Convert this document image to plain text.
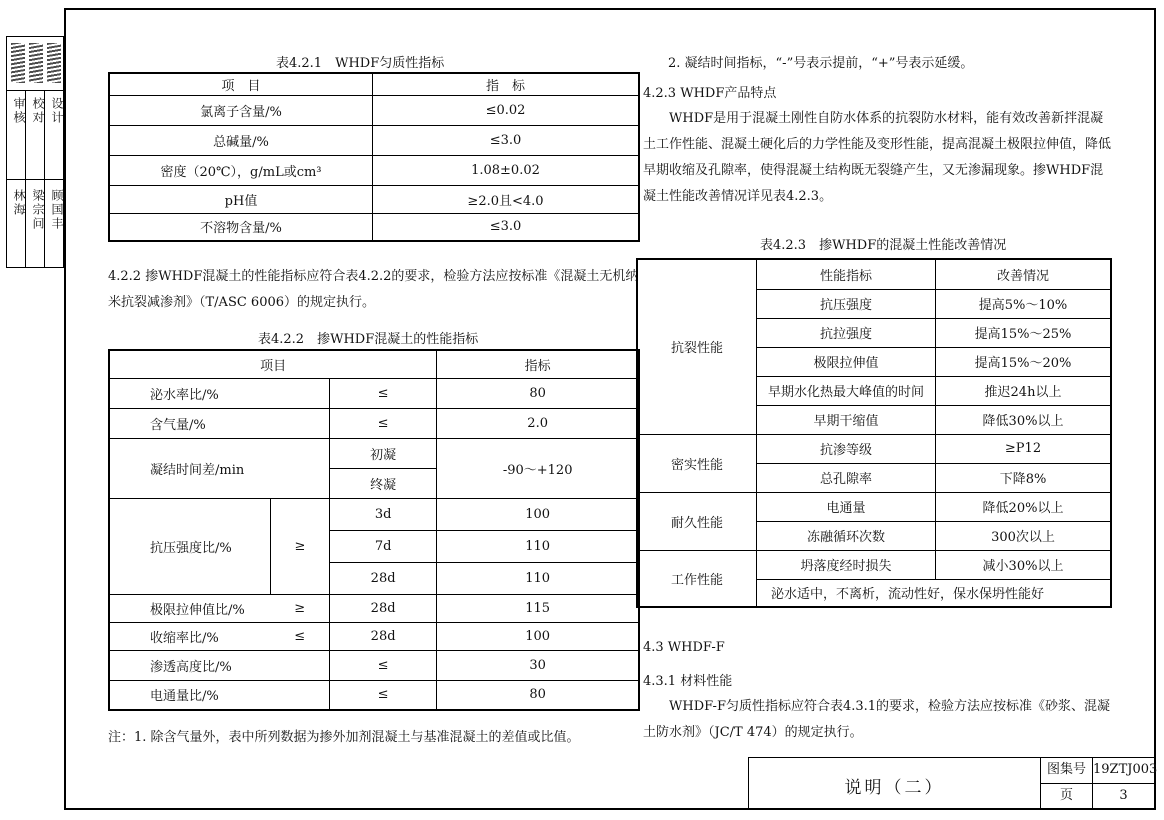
审核
林海
校对
梁宗问
设计
顾国丰
表4.2.1　WHDF匀质性指标
项　目	指　标
氯离子含量/%	≤0.02
总碱量/%	≤3.0
密度（20℃），g/mL或cm³	1.08±0.02
pH值	≥2.0且<4.0
不溶物含量/%	≤3.0
4.2.2 掺WHDF混凝土的性能指标应符合表4.2.2的要求，检验方法应按标准《混凝土无机纳米抗裂减渗剂》（T/ASC 6006）的规定执行。
表4.2.2　掺WHDF混凝土的性能指标
项目			指标
泌水率比/%		≤	80
含气量/%		≤	2.0
凝结时间差/min		初凝	-90～+120
		终凝	
抗压强度比/%	≥	3d	100
		7d	110
		28d	110
极限拉伸值比/%	≥	28d	115
收缩率比/%	≤	28d	100
渗透高度比/%		≤	30
电通量比/%		≤	80
注：1. 除含气量外，表中所列数据为掺外加剂混凝土与基准混凝土的差值或比值。
2. 凝结时间指标，“-”号表示提前，“+”号表示延缓。
4.2.3 WHDF产品特点
WHDF是用于混凝土刚性自防水体系的抗裂防水材料，能有效改善新拌混凝土工作性能、混凝土硬化后的力学性能及变形性能，提高混凝土极限拉伸值，降低早期收缩及孔隙率，使得混凝土结构既无裂缝产生，又无渗漏现象。掺WHDF混凝土性能改善情况详见表4.2.3。
表4.2.3　掺WHDF的混凝土性能改善情况
抗裂性能	性能指标	改善情况
	抗压强度	提高5%～10%
	抗拉强度	提高15%～25%
	极限拉伸值	提高15%～20%
	早期水化热最大峰值的时间	推迟24h以上
	早期干缩值	降低30%以上
密实性能	抗渗等级	≥P12
	总孔隙率	下降8%
耐久性能	电通量	降低20%以上
	冻融循环次数	300次以上
工作性能	坍落度经时损失	减小30%以上
	泌水适中，不离析，流动性好，保水保坍性能好	
4.3 WHDF-F
4.3.1 材料性能
WHDF-F匀质性指标应符合表4.3.1的要求，检验方法应按标准《砂浆、混凝土防水剂》（JC/T 474）的规定执行。
说明（二）
图集号 19ZTJ003
页	3
